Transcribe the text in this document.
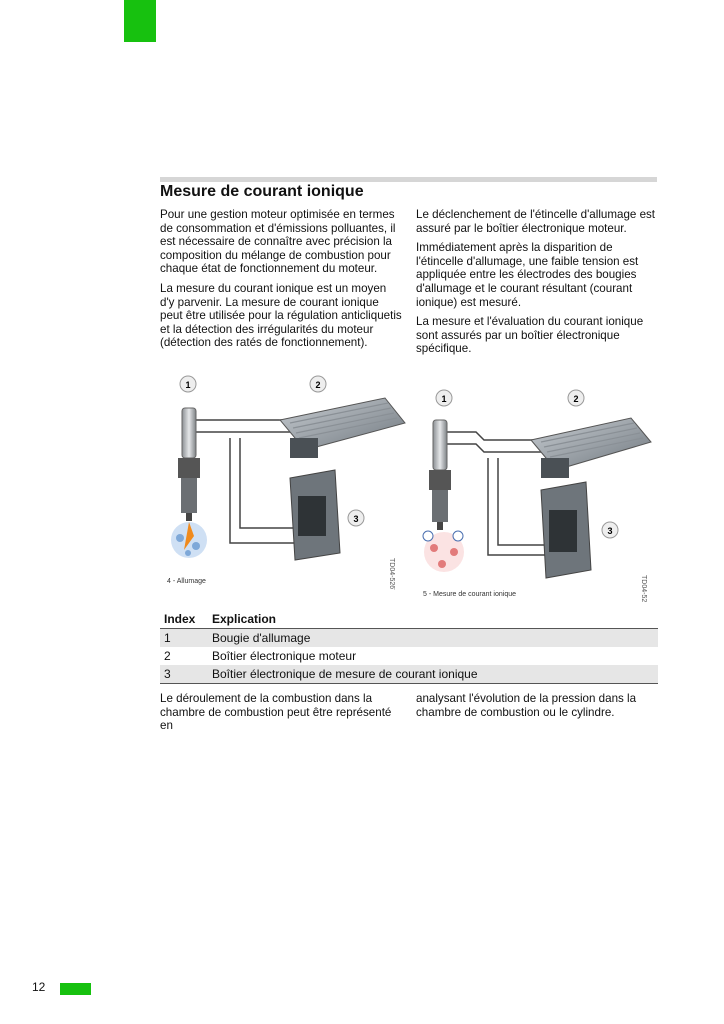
Mesure de courant ionique

Pour une gestion moteur optimisée en termes de consommation et d'émissions polluantes, il est nécessaire de connaître avec précision la composition du mélange de combustion pour chaque état de fonctionnement du moteur.

La mesure du courant ionique est un moyen d'y parvenir. La mesure de courant ionique peut être utilisée pour la régulation anticliquetis et la détection des irrégularités du moteur (détection des ratés de fonctionnement).

Le déclenchement de l'étincelle d'allumage est assuré par le boîtier électronique moteur.

Immédiatement après la disparition de l'étincelle d'allumage, une faible tension est appliquée entre les électrodes des bougies d'allumage et le courant résultant (courant ionique) est mesuré.

La mesure et l'évaluation du courant ionique sont assurés par un boîtier électronique spécifique.

1	2
3
TD04-5267
4 - Allumage
1	2
3
TD04-5268
5 - Mesure de courant ionique
Index	Explication
1	Bougie d'allumage
2	Boîtier électronique moteur
3	Boîtier électronique de mesure de courant ionique
Le déroulement de la combustion dans la chambre de combustion peut être représenté en
analysant l'évolution de la pression dans la chambre de combustion ou le cylindre.
12
